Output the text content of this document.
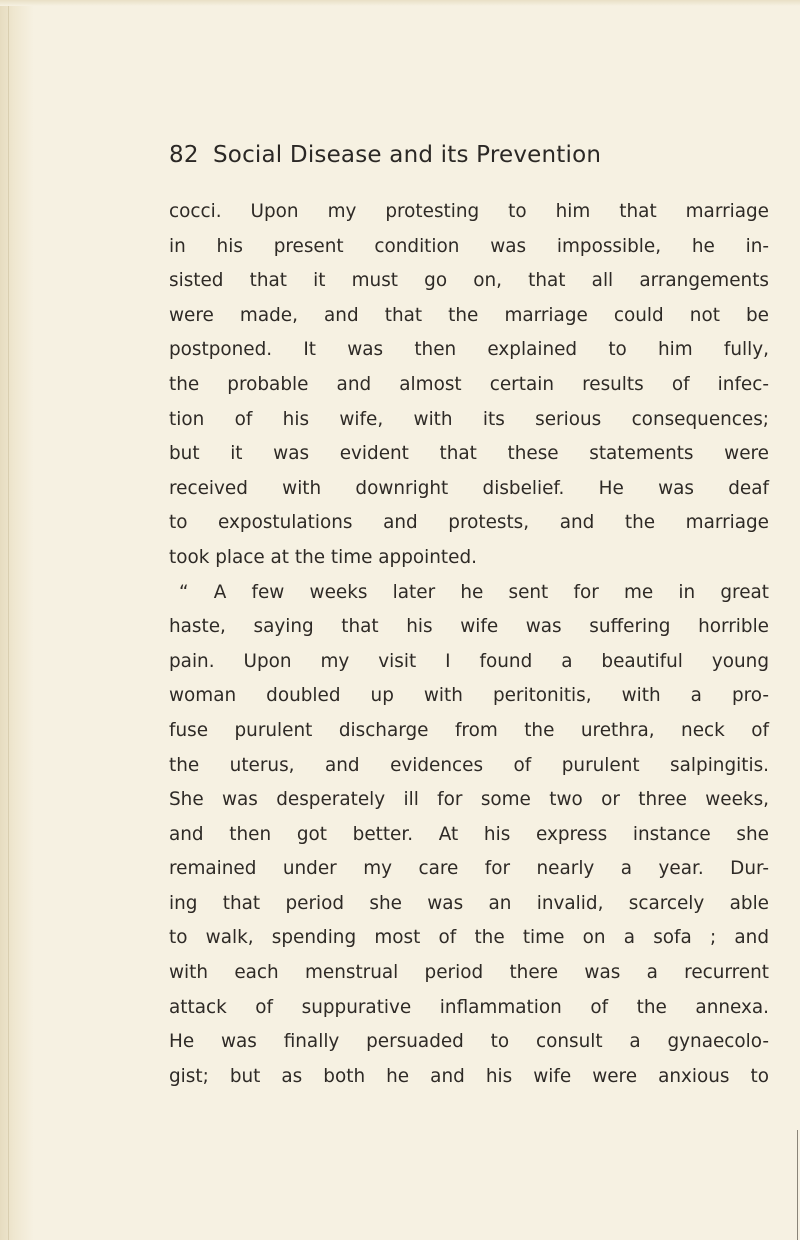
82 Social Disease and its Prevention
cocci. Upon my protesting to him that marriage
in his present condition was impossible, he in-
sisted that it must go on, that all arrangements
were made, and that the marriage could not be
postponed. It was then explained to him fully,
the probable and almost certain results of infec-
tion of his wife, with its serious consequences;
but it was evident that these statements were
received with downright disbelief. He was deaf
to expostulations and protests, and the marriage
took place at the time appointed.
“ A few weeks later he sent for me in great
haste, saying that his wife was suffering horrible
pain. Upon my visit I found a beautiful young
woman doubled up with peritonitis, with a pro-
fuse purulent discharge from the urethra, neck of
the uterus, and evidences of purulent salpingitis.
She was desperately ill for some two or three weeks,
and then got better. At his express instance she
remained under my care for nearly a year. Dur-
ing that period she was an invalid, scarcely able
to walk, spending most of the time on a sofa ; and
with each menstrual period there was a recurrent
attack of suppurative inflammation of the annexa.
He was finally persuaded to consult a gynaecolo-
gist; but as both he and his wife were anxious to
